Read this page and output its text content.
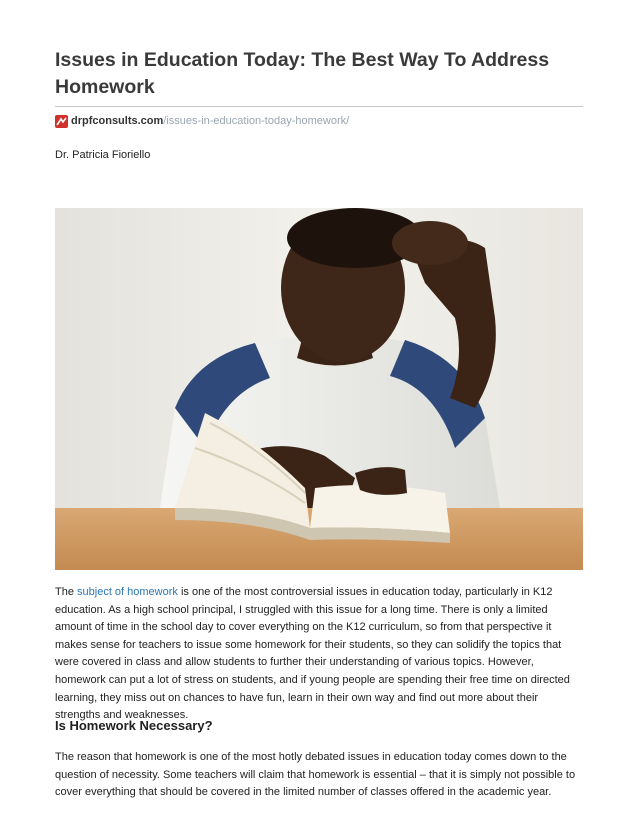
Issues in Education Today: The Best Way To Address Homework
drpfconsults.com /issues-in-education-today-homework/
Dr. Patricia Fioriello

The subject of homework is one of the most controversial issues in education today, particularly in K12 education. As a high school principal, I struggled with this issue for a long time. There is only a limited amount of time in the school day to cover everything on the K12 curriculum, so from that perspective it makes sense for teachers to issue some homework for their students, so they can solidify the topics that were covered in class and allow students to further their understanding of various topics. However, homework can put a lot of stress on students, and if young people are spending their free time on directed learning, they miss out on chances to have fun, learn in their own way and find out more about their strengths and weaknesses.

Is Homework Necessary?

The reason that homework is one of the most hotly debated issues in education today comes down to the question of necessity. Some teachers will claim that homework is essential – that it is simply not possible to cover everything that should be covered in the limited number of classes offered in the academic year.
